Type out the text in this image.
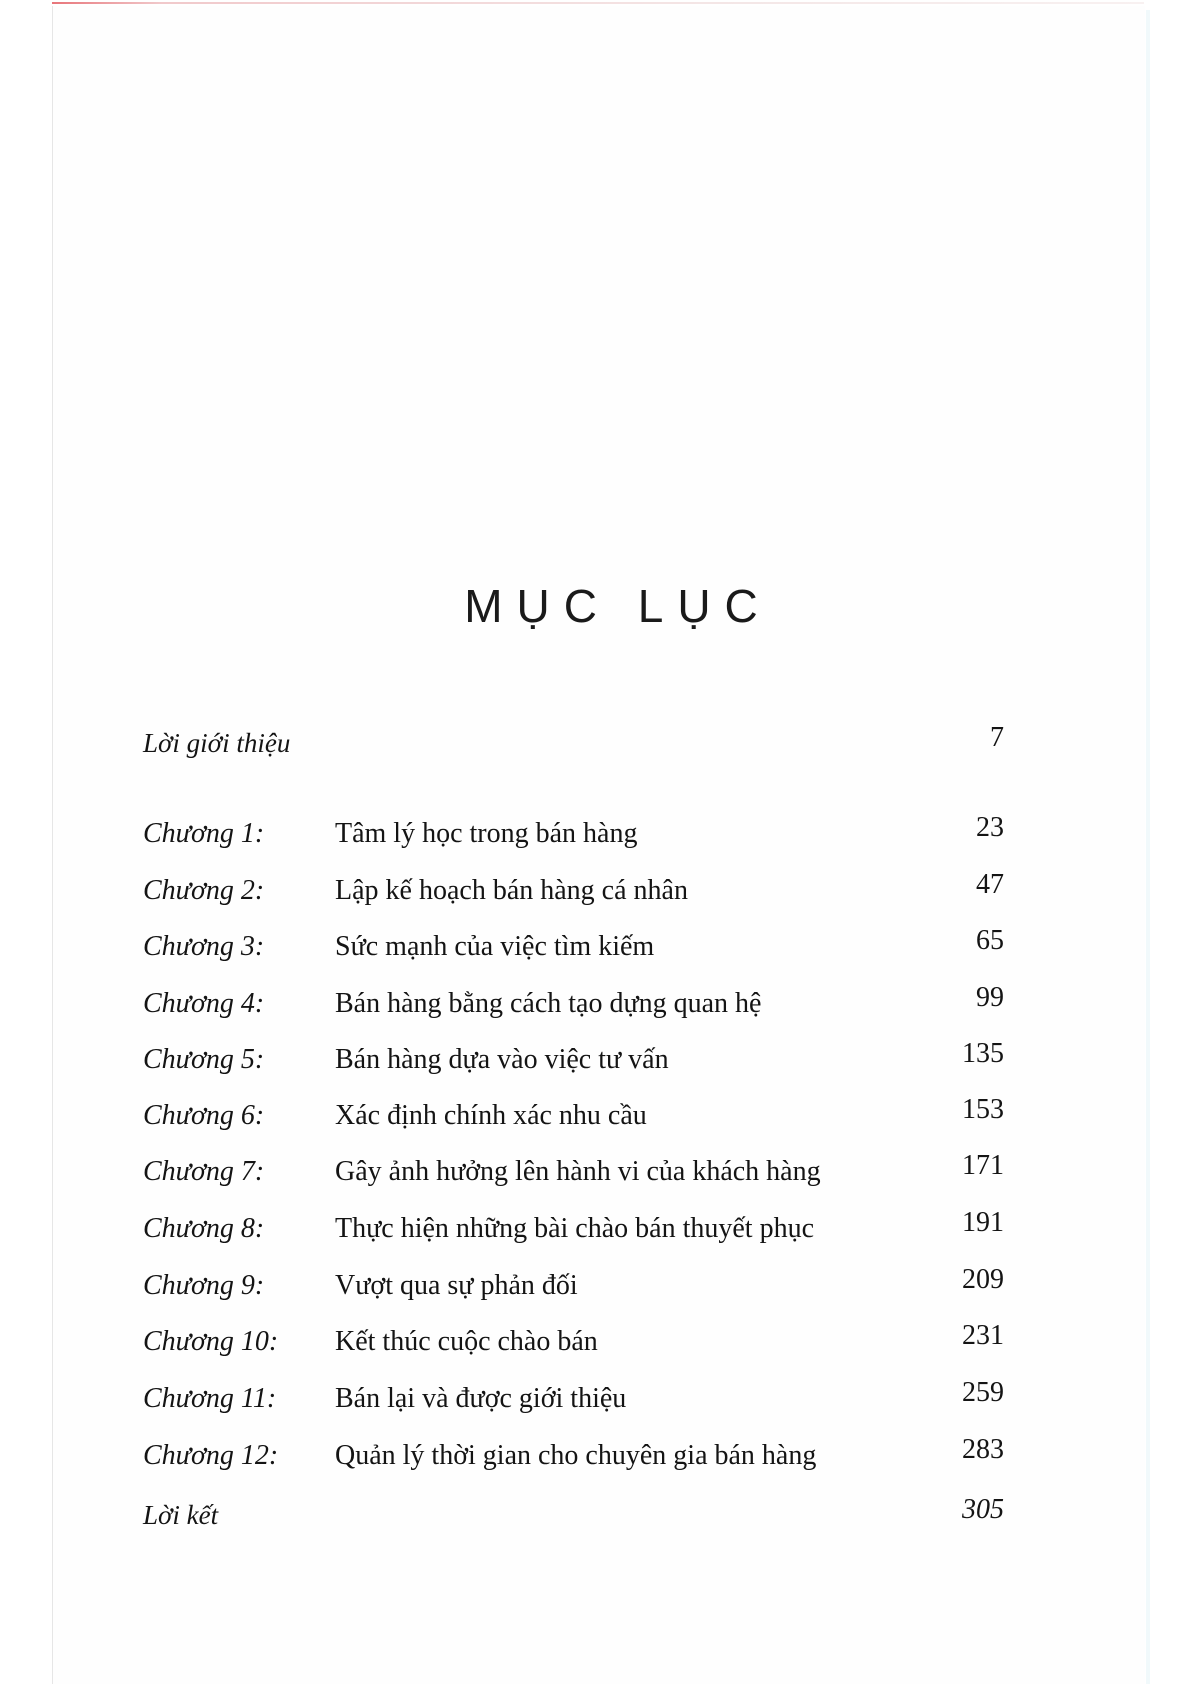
MỤC LỤC
Lời giới thiệu	7
Chương 1:	Tâm lý học trong bán hàng	23
Chương 2:	Lập kế hoạch bán hàng cá nhân	47
Chương 3:	Sức mạnh của việc tìm kiếm	65
Chương 4:	Bán hàng bằng cách tạo dựng quan hệ	99
Chương 5:	Bán hàng dựa vào việc tư vấn	135
Chương 6:	Xác định chính xác nhu cầu	153
Chương 7:	Gây ảnh hưởng lên hành vi của khách hàng	171
Chương 8:	Thực hiện những bài chào bán thuyết phục	191
Chương 9:	Vượt qua sự phản đối	209
Chương 10: Kết thúc cuộc chào bán	231
Chương 11: Bán lại và được giới thiệu	259
Chương 12: Quản lý thời gian cho chuyên gia bán hàng	283
Lời kết	305
